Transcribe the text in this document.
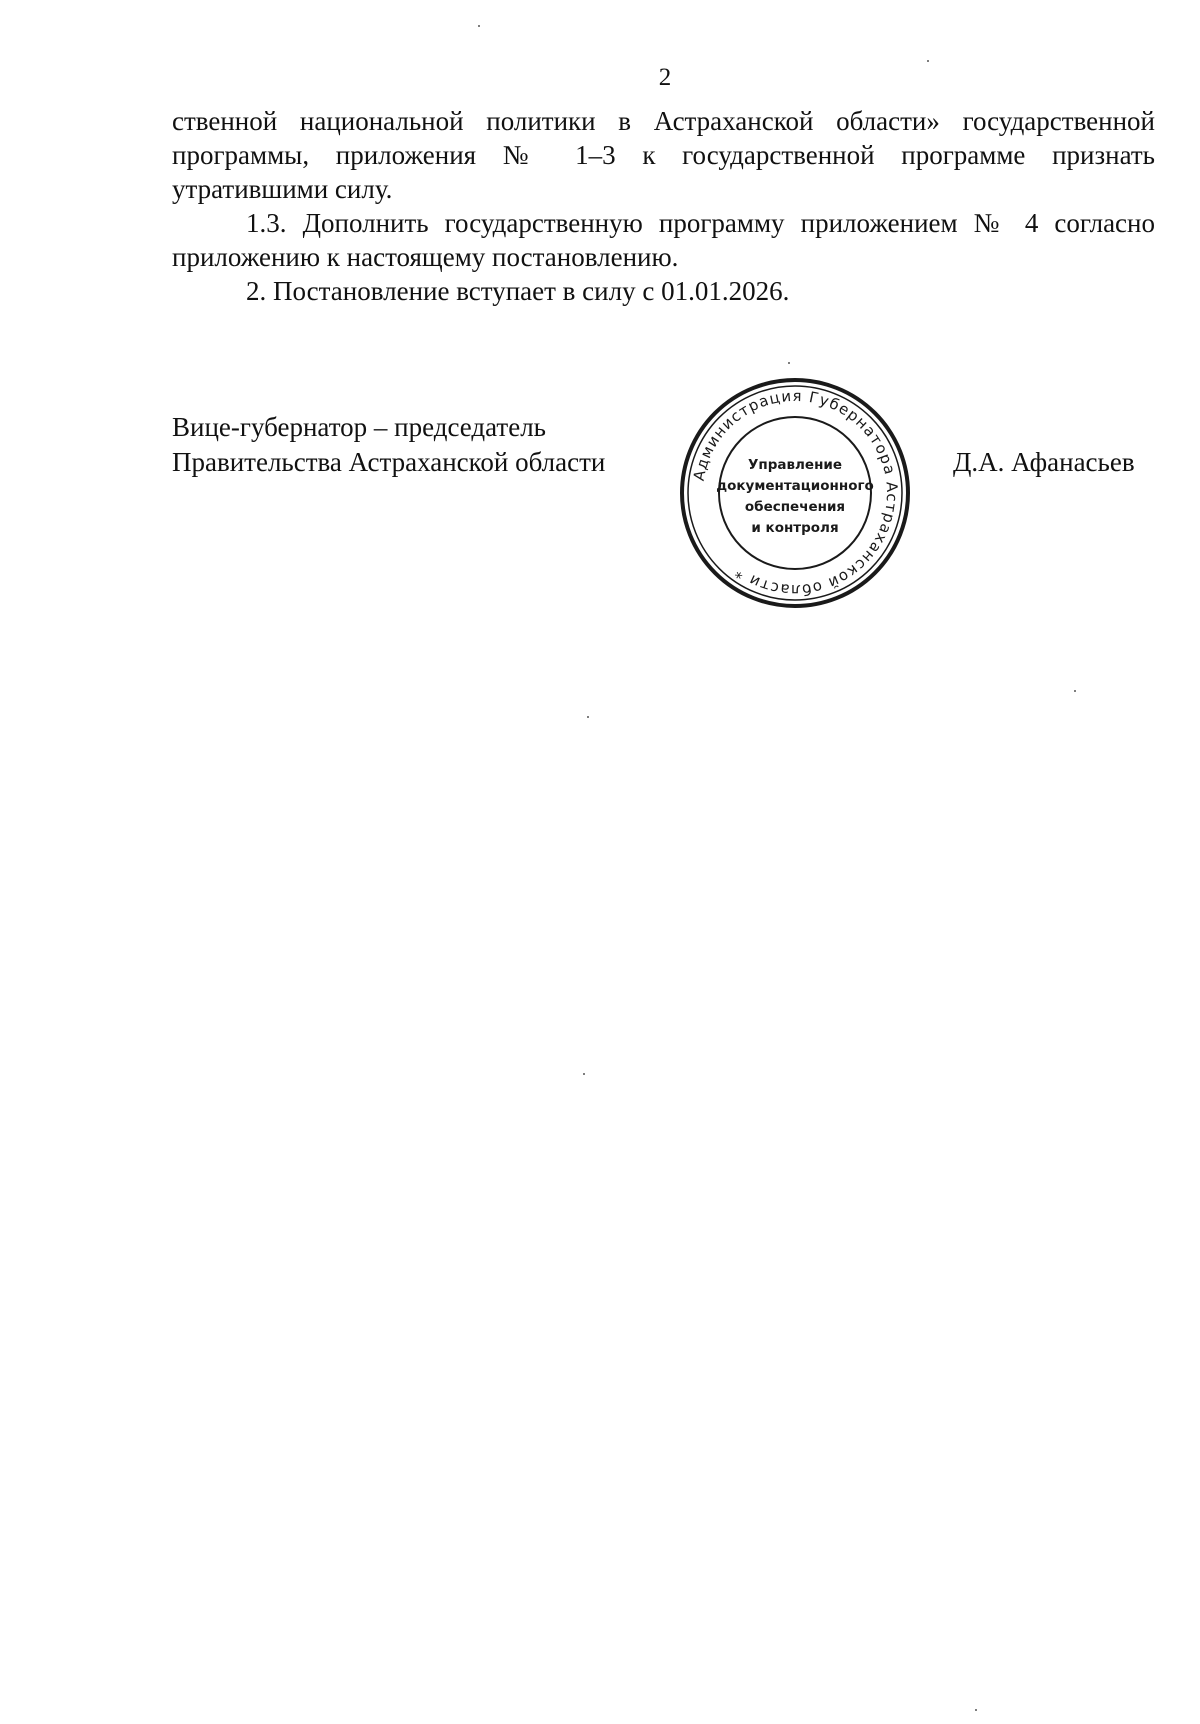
2

ственной национальной политики в Астраханской области» государственной программы, приложения № 1–3 к государственной программе признать утратившими силу.

1.3. Дополнить государственную программу приложением № 4 согласно приложению к настоящему постановлению.

2. Постановление вступает в силу с 01.01.2026.

Вице-губернатор – председатель
Правительства Астраханской области	Администрация Губернатора Астраханской области *
Управление
документационного
обеспечения
и контроля
Д.А. Афанасьев
